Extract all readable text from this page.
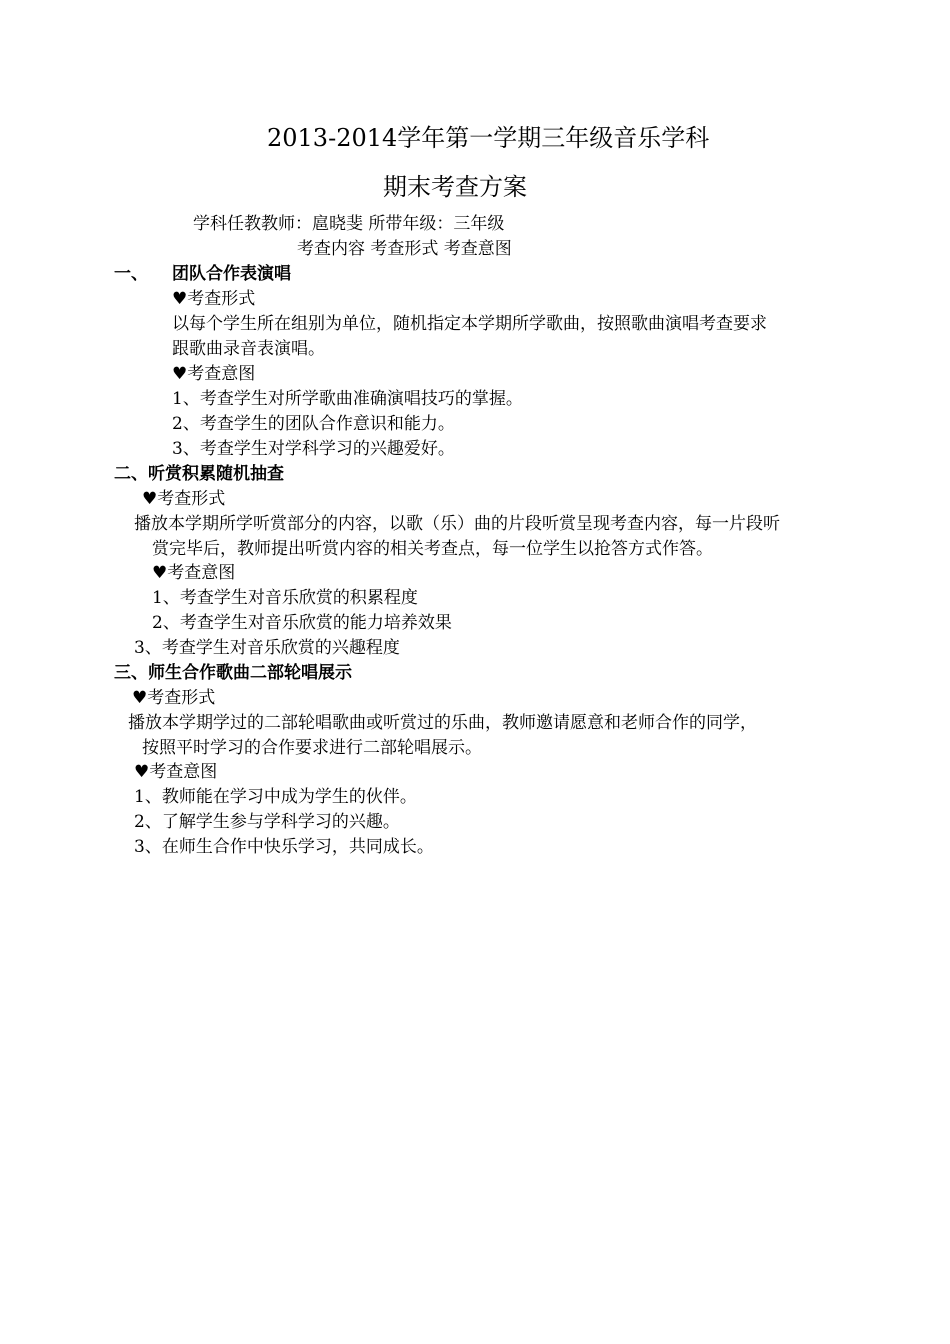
2013-2014学年第一学期三年级音乐学科
期末考查方案
学科任教教师：扈晓斐 所带年级：三年级
考查内容 考查形式 考查意图
一、 团队合作表演唱
♥考查形式
以每个学生所在组别为单位，随机指定本学期所学歌曲，按照歌曲演唱考查要求
跟歌曲录音表演唱。
♥考查意图
1、考查学生对所学歌曲准确演唱技巧的掌握。
2、考查学生的团队合作意识和能力。
3、考查学生对学科学习的兴趣爱好。
二、听赏积累随机抽查
♥考查形式
播放本学期所学听赏部分的内容，以歌（乐）曲的片段听赏呈现考查内容，每一片段听
赏完毕后，教师提出听赏内容的相关考查点，每一位学生以抢答方式作答。
♥考查意图
1、考查学生对音乐欣赏的积累程度
2、考查学生对音乐欣赏的能力培养效果
3、考查学生对音乐欣赏的兴趣程度
三、师生合作歌曲二部轮唱展示
♥考查形式
播放本学期学过的二部轮唱歌曲或听赏过的乐曲，教师邀请愿意和老师合作的同学，
按照平时学习的合作要求进行二部轮唱展示。
♥考查意图
1、教师能在学习中成为学生的伙伴。
2、了解学生参与学科学习的兴趣。
3、在师生合作中快乐学习，共同成长。
